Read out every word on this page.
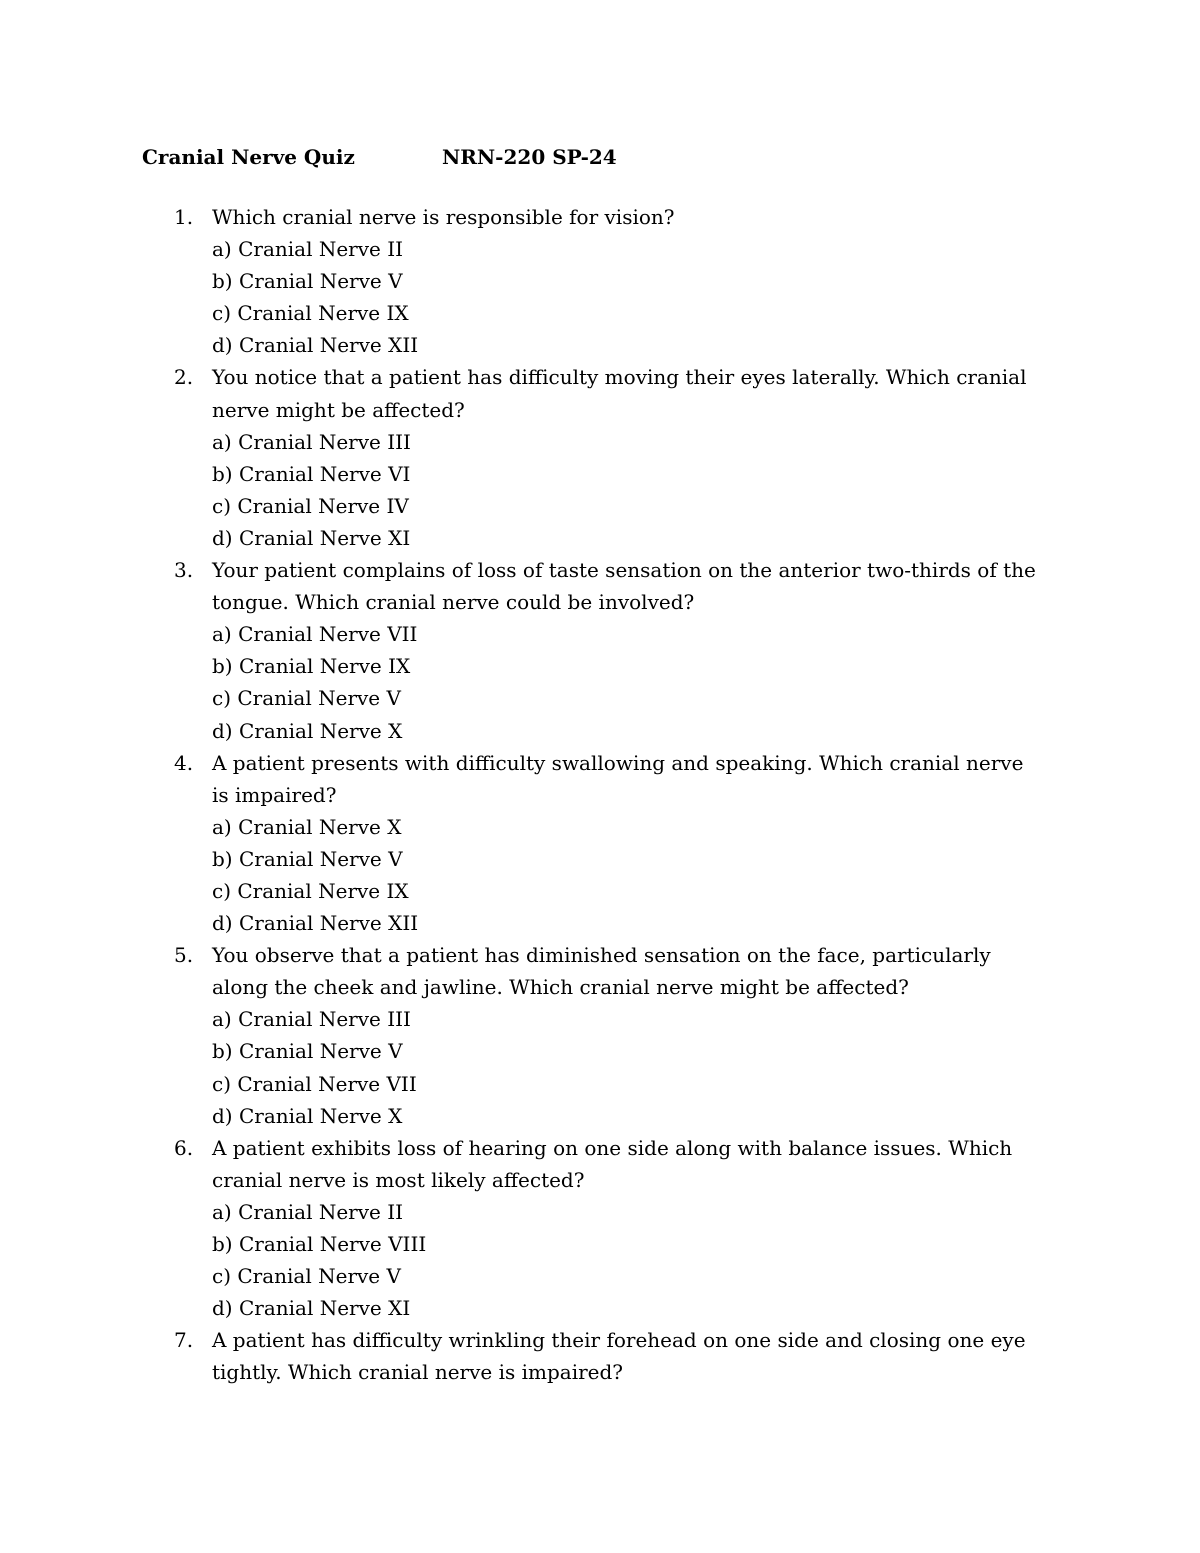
Cranial Nerve Quiz	NRN-220 SP-24
1. Which cranial nerve is responsible for vision?
a) Cranial Nerve II
b) Cranial Nerve V
c) Cranial Nerve IX
d) Cranial Nerve XII
2. You notice that a patient has difficulty moving their eyes laterally. Which cranial nerve might be affected?
a) Cranial Nerve III
b) Cranial Nerve VI
c) Cranial Nerve IV
d) Cranial Nerve XI
3. Your patient complains of loss of taste sensation on the anterior two-thirds of the tongue. Which cranial nerve could be involved?
a) Cranial Nerve VII
b) Cranial Nerve IX
c) Cranial Nerve V
d) Cranial Nerve X
4. A patient presents with difficulty swallowing and speaking. Which cranial nerve is impaired?
a) Cranial Nerve X
b) Cranial Nerve V
c) Cranial Nerve IX
d) Cranial Nerve XII
5. You observe that a patient has diminished sensation on the face, particularly along the cheek and jawline. Which cranial nerve might be affected?
a) Cranial Nerve III
b) Cranial Nerve V
c) Cranial Nerve VII
d) Cranial Nerve X
6. A patient exhibits loss of hearing on one side along with balance issues. Which cranial nerve is most likely affected?
a) Cranial Nerve II
b) Cranial Nerve VIII
c) Cranial Nerve V
d) Cranial Nerve XI
7. A patient has difficulty wrinkling their forehead on one side and closing one eye tightly. Which cranial nerve is impaired?
